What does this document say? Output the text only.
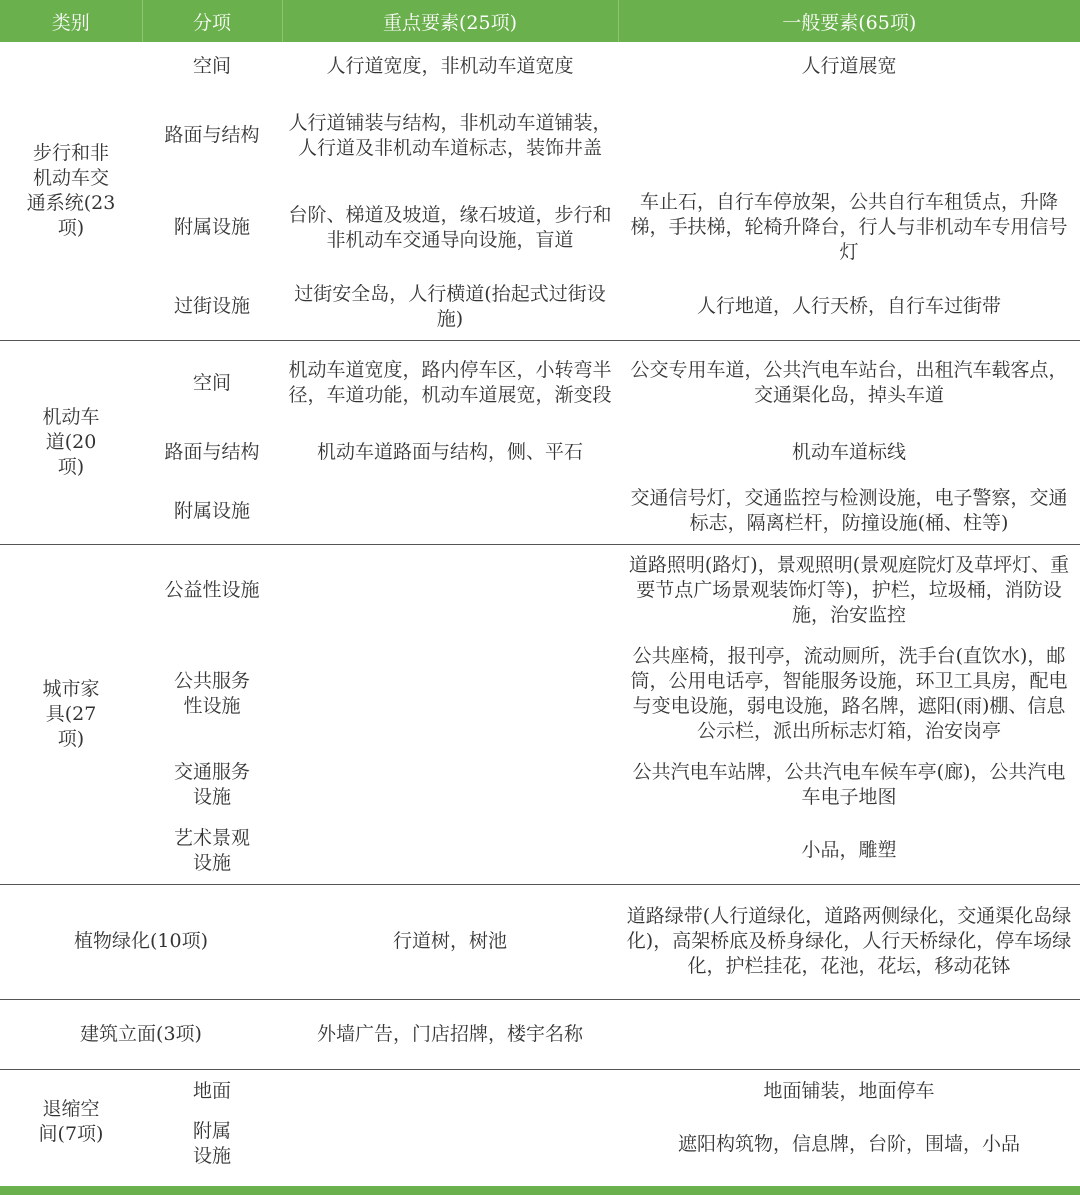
类别	分项	重点要素(25项)	一般要素(65项)
步行和非机动车交通系统(23项)	空间	人行道宽度，非机动车道宽度	人行道展宽
	路面与结构	人行道铺装与结构，非机动车道铺装，人行道及非机动车道标志，装饰井盖	
	附属设施	台阶、梯道及坡道，缘石坡道，步行和非机动车交通导向设施，盲道	车止石，自行车停放架，公共自行车租赁点，升降梯，手扶梯，轮椅升降台，行人与非机动车专用信号灯
	过街设施	过街安全岛，人行横道(抬起式过街设施)	人行地道，人行天桥，自行车过街带
机动车道(20项)	空间	机动车道宽度，路内停车区，小转弯半径，车道功能，机动车道展宽，渐变段	公交专用车道，公共汽电车站台，出租汽车载客点，交通渠化岛，掉头车道
	路面与结构	机动车道路面与结构，侧、平石	机动车道标线
	附属设施		交通信号灯，交通监控与检测设施，电子警察，交通标志，隔离栏杆，防撞设施(桶、柱等)
城市家具(27项)	公益性设施		道路照明(路灯)，景观照明(景观庭院灯及草坪灯、重要节点广场景观装饰灯等)，护栏，垃圾桶，消防设施，治安监控
	公共服务性设施		公共座椅，报刊亭，流动厕所，洗手台(直饮水)，邮筒，公用电话亭，智能服务设施，环卫工具房，配电与变电设施，弱电设施，路名牌，遮阳(雨)棚、信息公示栏，派出所标志灯箱，治安岗亭
	交通服务设施		公共汽电车站牌，公共汽电车候车亭(廊)，公共汽电车电子地图
	艺术景观设施		小品，雕塑
植物绿化(10项)		行道树，树池	道路绿带(人行道绿化，道路两侧绿化，交通渠化岛绿化)，高架桥底及桥身绿化，人行天桥绿化，停车场绿化，护栏挂花，花池，花坛，移动花钵
建筑立面(3项)		外墙广告，门店招牌，楼宇名称	
退缩空间(7项)	地面		地面铺装，地面停车
	附属设施		遮阳构筑物，信息牌，台阶，围墙，小品
